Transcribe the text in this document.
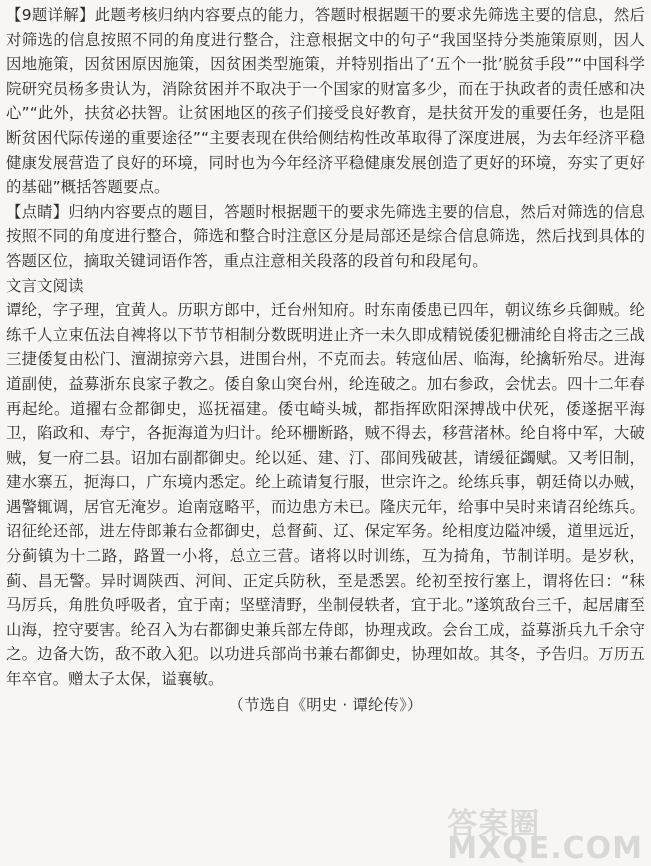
【9题详解】此题考核归纳内容要点的能力，答题时根据题干的要求先筛选主要的信息，然后对筛选的信息按照不同的角度进行整合，注意根据文中的句子“我国坚持分类施策原则，因人因地施策，因贫困原因施策，因贫困类型施策，并特别指出了‘五个一批’脱贫手段”“中国科学院研究员杨多贵认为，消除贫困并不取决于一个国家的财富多少，而在于执政者的责任感和决心”“此外，扶贫必扶智。让贫困地区的孩子们接受良好教育，是扶贫开发的重要任务，也是阻断贫困代际传递的重要途径”“主要表现在供给侧结构性改革取得了深度进展，为去年经济平稳健康发展营造了良好的环境，同时也为今年经济平稳健康发展创造了更好的环境，夯实了更好的基础”概括答题要点。

【点睛】归纳内容要点的题目，答题时根据题干的要求先筛选主要的信息，然后对筛选的信息按照不同的角度进行整合，筛选和整合时注意区分是局部还是综合信息筛选，然后找到具体的答题区位，摘取关键词语作答，重点注意相关段落的段首句和段尾句。

文言文阅读

谭纶，字子理，宜黄人。历职方郎中，迁台州知府。时东南倭患已四年，朝议练乡兵御贼。纶练千人立束伍法自裨将以下节节相制分数既明进止齐一未久即成精锐倭犯栅浦纶自将击之三战三捷倭复由松门、澶湖掠旁六县，进围台州，不克而去。转寇仙居、临海，纶擒斩殆尽。进海道副使，益募浙东良家子教之。倭自象山突台州，纶连破之。加右参政，会忧去。四十二年春再起纶。道擢右佥都御史，巡抚福建。倭屯崎头城，都指挥欧阳深搏战中伏死，倭遂据平海卫，陷政和、寿宁，各扼海道为归计。纶环栅断路，贼不得去，移营渚林。纶自将中军，大破贼，复一府二县。诏加右副都御史。纶以延、建、汀、邵间残破甚，请缓征蠲赋。又考旧制，建水寨五，扼海口，广东境内悉定。纶上疏请复行服，世宗许之。纶练兵事，朝廷倚以办贼，遇警辄调，居官无淹岁。迨南寇略平，而边患方未已。隆庆元年，给事中吴时来请召纶练兵。诏征纶还部，进左侍郎兼右佥都御史，总督蓟、辽、保定军务。纶相度边隘冲缓，道里远近，分蓟镇为十二路，路置一小将，总立三营。诸将以时训练，互为掎角，节制详明。是岁秋，蓟、昌无警。异时调陕西、河间、正定兵防秋，至是悉罢。纶初至按行塞上，谓将佐曰：“秣马厉兵，角胜负呼吸者，宜于南；坚壁清野，坐制侵轶者，宜于北。”遂筑敌台三千，起居庸至山海，控守要害。纶召入为右都御史兼兵部左侍郎，协理戎政。会台工成，益募浙兵九千余守之。边备大饬，敌不敢入犯。以功进兵部尚书兼右都御史，协理如故。其冬，予告归。万历五年卒官。赠太子太保，谥襄敏。

（节选自《明史 · 谭纶传》）

答案圈 MXQE.COM
